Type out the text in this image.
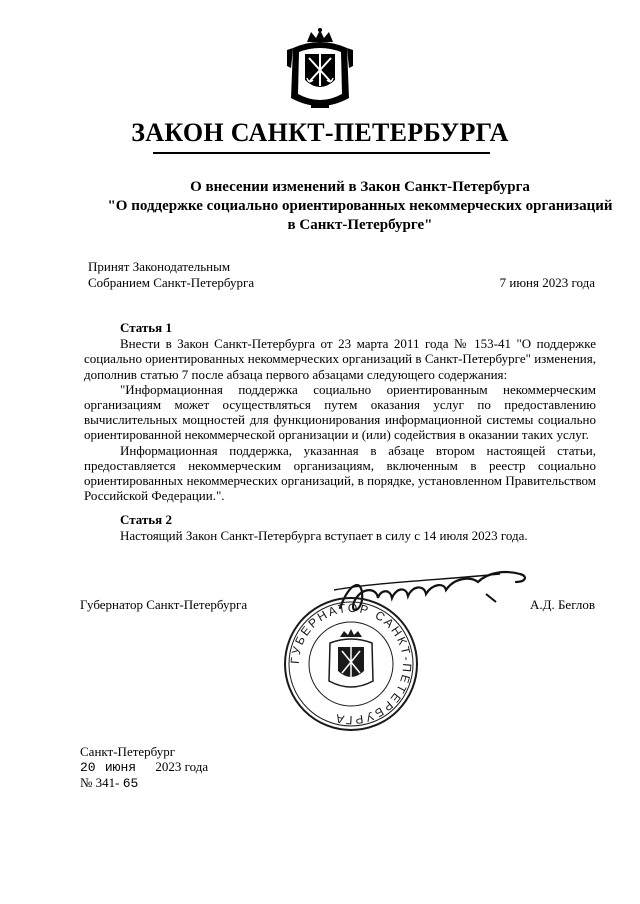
ЗАКОН САНКТ-ПЕТЕРБУРГА
О внесении изменений в Закон Санкт-Петербурга
"О поддержке социально ориентированных некоммерческих организаций
в Санкт-Петербурге"
Принят Законодательным
Собранием Санкт-Петербурга	7 июня 2023 года

Статья 1

Внести в Закон Санкт-Петербурга от 23 марта 2011 года № 153-41 "О поддержке социально ориентированных некоммерческих организаций в Санкт-Петербурге" изменения, дополнив статью 7 после абзаца первого абзацами следующего содержания:

"Информационная поддержка социально ориентированным некоммерческим организациям может осуществляться путем оказания услуг по предоставлению вычислительных мощностей для функционирования информационной системы социально ориентированной некоммерческой организации и (или) содействия в оказании таких услуг.

Информационная поддержка, указанная в абзаце втором настоящей статьи, предоставляется некоммерческим организациям, включенным в реестр социально ориентированных некоммерческих организаций, в порядке, установленном Правительством Российской Федерации.".

Статья 2

Настоящий Закон Санкт-Петербурга вступает в силу с 14 июля 2023 года.

Губернатор Санкт-Петербурга	А.Д. Беглов
ГУБЕРНАТОР САНКТ-ПЕТЕРБУРГА
Санкт-Петербург
20 июня 2023 года
№ 341- 65
